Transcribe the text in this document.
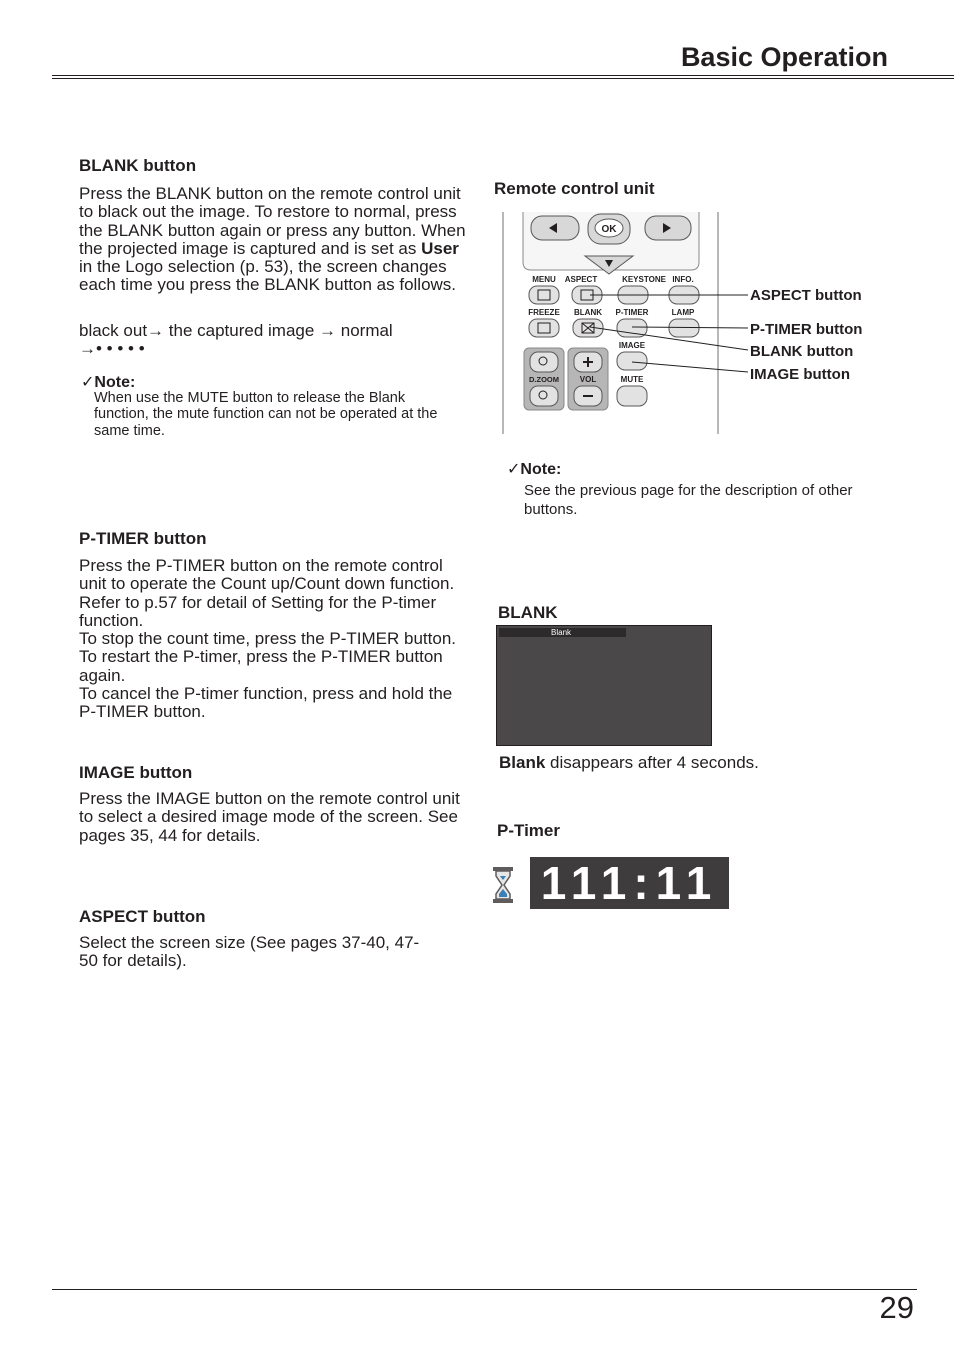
Basic Operation
BLANK button

Press the BLANK button on the remote control unit to black out the image. To restore to normal, press the BLANK button again or press any button. When the projected image is captured and is set as User in the Logo selection (p. 53), the screen changes each time you press the BLANK button as follows.

black out→ the captured image → normal
→• • • • •

✓Note:

When use the MUTE button to release the Blank function, the mute function can not be operated at the same time.

P-TIMER button

Press the P-TIMER button on the remote control unit to operate the Count up/Count down function. Refer to p.57 for detail of Setting for the P-timer function.

To stop the count time, press the P-TIMER button.

To restart the P-timer, press the P-TIMER button again.

To cancel the P-timer function, press and hold the P-TIMER button.

IMAGE button

Press the IMAGE button on the remote control unit to select a desired image mode of the screen. See pages 35, 44 for details.

ASPECT button

Select the screen size (See pages 37-40, 47-50 for details).

Remote control unit
OK
MENU ASPECT	KEYSTONE INFO.
FREEZE BLANK P-TIMER	LAMP
IMAGE
MUTE
D.ZOOM	VOL
ASPECT button
P-TIMER button
BLANK button
IMAGE button
✓Note:

See the previous page for the description of other buttons.

BLANK
Blank

Blank disappears after 4 seconds.

P-Timer
111:11
29
